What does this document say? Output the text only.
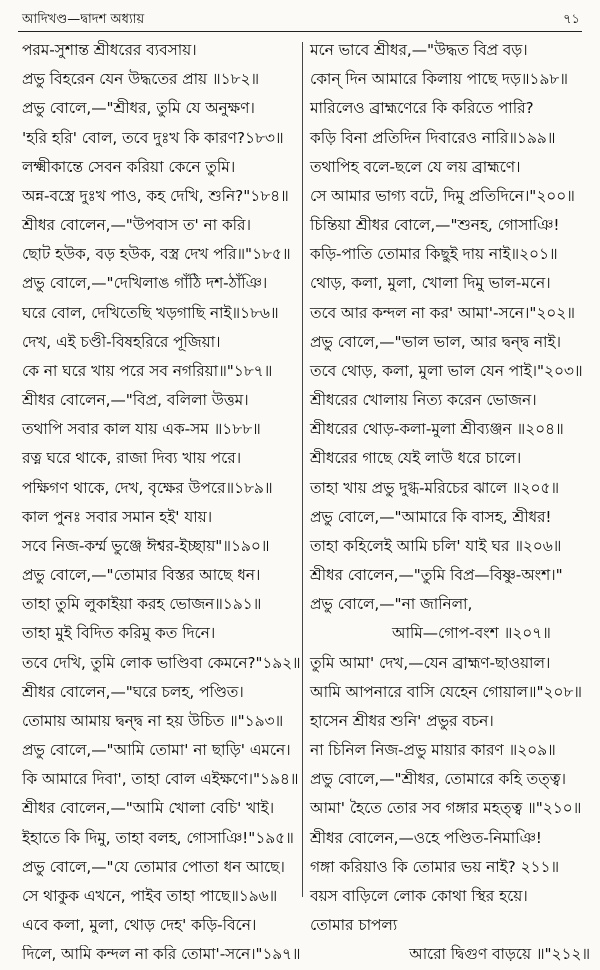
আদিখণ্ড—দ্বাদশ অধ্যায়	৭১
পরম-সুশান্ত শ্রীধরের ব্যবসায়।
প্রভু বিহরেন যেন উদ্ধতের প্রায় ॥১৮২॥
প্রভু বোলে,—"শ্রীধর, তুমি যে অনুক্ষণ।
'হরি হরি' বোল, তবে দুঃখ কি কারণ?১৮৩॥
লক্ষ্মীকান্তে সেবন করিয়া কেনে তুমি।
অন্ন-বস্ত্রে দুঃখ পাও, কহ দেখি, শুনি?"১৮৪॥
শ্রীধর বোলেন,—"উপবাস ত' না করি।
ছোট হউক, বড় হউক, বস্ত্র দেখ পরি॥"১৮৫॥
প্রভু বোলে,—"দেখিলাঙ গাঁঠি দশ-ঠাঁঞি।
ঘরে বোল, দেখিতেছি খড়গাছি নাই॥১৮৬॥
দেখ, এই চণ্ডী-বিষহরিরে পূজিয়া।
কে না ঘরে খায় পরে সব নগরিয়া॥"১৮৭॥
শ্রীধর বোলেন,—"বিপ্র, বলিলা উত্তম।
তথাপি সবার কাল যায় এক-সম ॥১৮৮॥
রত্ন ঘরে থাকে, রাজা দিব্য খায় পরে।
পক্ষিগণ থাকে, দেখ, বৃক্ষের উপরে॥১৮৯॥
কাল পুনঃ সবার সমান হই' যায়।
সবে নিজ-কর্ম্ম ভুঞ্জে ঈশ্বর-ইচ্ছায়"॥১৯০॥
প্রভু বোলে,—"তোমার বিস্তর আছে ধন।
তাহা তুমি লুকাইয়া করহ ভোজন॥১৯১॥
তাহা মুই বিদিত করিমু কত দিনে।
তবে দেখি, তুমি লোক ভাণ্ডিবা কেমনে?"১৯২॥
শ্রীধর বোলেন,—"ঘরে চলহ, পণ্ডিত।
তোমায় আমায় দ্বন্দ্ব না হয় উচিত ॥"১৯৩॥
প্রভু বোলে,—"আমি তোমা' না ছাড়ি' এমনে।
কি আমারে দিবা', তাহা বোল এইক্ষণে।"১৯৪॥
শ্রীধর বোলেন,—"আমি খোলা বেচি' খাই।
ইহাতে কি দিমু, তাহা বলহ, গোসাঞি!"১৯৫॥
প্রভু বোলে,—"যে তোমার পোতা ধন আছে।
সে থাকুক এখনে, পাইব তাহা পাছে॥১৯৬॥
এবে কলা, মুলা, থোড় দেহ' কড়ি-বিনে।
দিলে, আমি কন্দল না করি তোমা'-সনে।"১৯৭॥
মনে ভাবে শ্রীধর,—"উদ্ধত বিপ্র বড়।
কোন্ দিন আমারে কিলায় পাছে দড়॥১৯৮॥
মারিলেও ব্রাহ্মণেরে কি করিতে পারি?
কড়ি বিনা প্রতিদিন দিবারেও নারি॥১৯৯॥
তথাপিহ বলে-ছলে যে লয় ব্রাহ্মণে।
সে আমার ভাগ্য বটে, দিমু প্রতিদিনে।"২০০॥
চিন্তিয়া শ্রীধর বোলে,—"শুনহ, গোসাঞি!
কড়ি-পাতি তোমার কিছুই দায় নাই॥২০১॥
থোড়, কলা, মুলা, খোলা দিমু ভাল-মনে।
তবে আর কন্দল না কর' আমা'-সনে।"২০২॥
প্রভু বোলে,—"ভাল ভাল, আর দ্বন্দ্ব নাই।
তবে থোড়, কলা, মুলা ভাল যেন পাই।"২০৩॥
শ্রীধরের খোলায় নিত্য করেন ভোজন।
শ্রীধরের থোড়-কলা-মুলা শ্রীব্যঞ্জন ॥২০৪॥
শ্রীধরের গাছে যেই লাউ ধরে চালে।
তাহা খায় প্রভু দুগ্ধ-মরিচের ঝালে ॥২০৫॥
প্রভু বোলে,—"আমারে কি বাসহ, শ্রীধর!
তাহা কহিলেই আমি চলি' যাই ঘর ॥২০৬॥
শ্রীধর বোলেন,—"তুমি বিপ্র—বিষ্ণু-অংশ।"
প্রভু বোলে,—"না জানিলা,
আমি—গোপ-বংশ ॥২০৭॥
তুমি আমা' দেখ,—যেন ব্রাহ্মণ-ছাওয়াল।
আমি আপনারে বাসি যেহেন গোয়াল॥"২০৮॥
হাসেন শ্রীধর শুনি' প্রভুর বচন।
না চিনিল নিজ-প্রভু মায়ার কারণ ॥২০৯॥
প্রভু বোলে,—"শ্রীধর, তোমারে কহি তত্ত্ব।
আমা' হৈতে তোর সব গঙ্গার মহত্ত্ব ॥"২১০॥
শ্রীধর বোলেন,—ওহে পণ্ডিত-নিমাঞি!
গঙ্গা করিয়াও কি তোমার ভয় নাই? ২১১॥
বয়স বাড়িলে লোক কোথা স্থির হয়ে।
তোমার চাপল্য
আরো দ্বিগুণ বাড়য়ে ॥"২১২॥
